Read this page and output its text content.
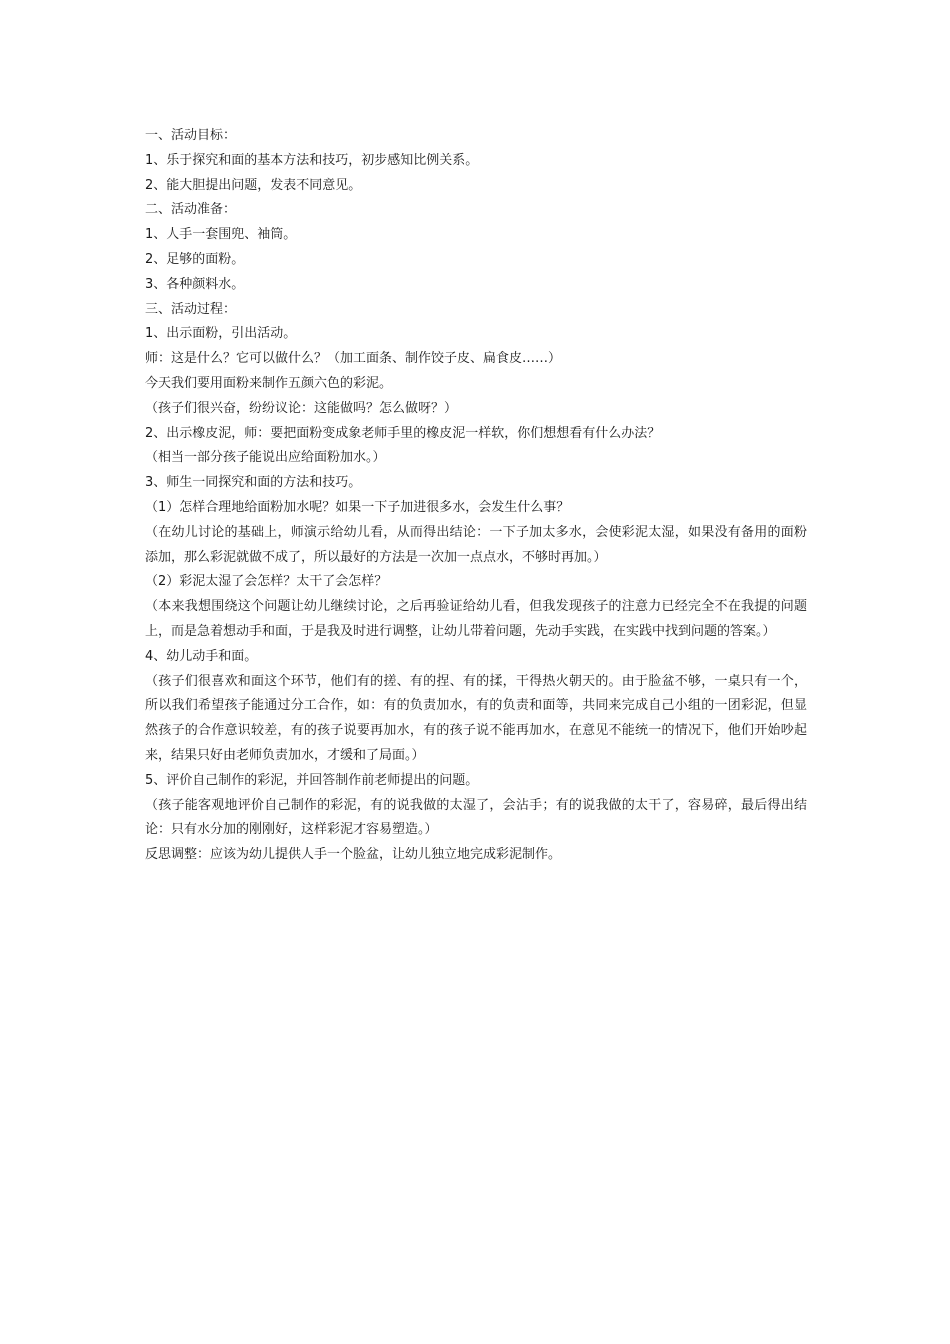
一、活动目标：

1、乐于探究和面的基本方法和技巧，初步感知比例关系。

2、能大胆提出问题，发表不同意见。

二、活动准备：

1、人手一套围兜、袖筒。

2、足够的面粉。

3、各种颜料水。

三、活动过程：

1、出示面粉，引出活动。

师：这是什么？它可以做什么？（加工面条、制作饺子皮、扁食皮……）

今天我们要用面粉来制作五颜六色的彩泥。

（孩子们很兴奋，纷纷议论：这能做吗？怎么做呀？）

2、出示橡皮泥，师：要把面粉变成象老师手里的橡皮泥一样软，你们想想看有什么办法？

（相当一部分孩子能说出应给面粉加水。）

3、师生一同探究和面的方法和技巧。

（1）怎样合理地给面粉加水呢？如果一下子加进很多水，会发生什么事？

（在幼儿讨论的基础上，师演示给幼儿看，从而得出结论：一下子加太多水，会使彩泥太湿，如果没有备用的面粉添加，那么彩泥就做不成了，所以最好的方法是一次加一点点水，不够时再加。）

（2）彩泥太湿了会怎样？太干了会怎样？

（本来我想围绕这个问题让幼儿继续讨论，之后再验证给幼儿看，但我发现孩子的注意力已经完全不在我提的问题上，而是急着想动手和面，于是我及时进行调整，让幼儿带着问题，先动手实践，在实践中找到问题的答案。）

4、幼儿动手和面。

（孩子们很喜欢和面这个环节，他们有的搓、有的捏、有的揉，干得热火朝天的。由于脸盆不够，一桌只有一个，所以我们希望孩子能通过分工合作，如：有的负责加水，有的负责和面等，共同来完成自己小组的一团彩泥，但显然孩子的合作意识较差，有的孩子说要再加水，有的孩子说不能再加水，在意见不能统一的情况下，他们开始吵起来，结果只好由老师负责加水，才缓和了局面。）

5、评价自己制作的彩泥，并回答制作前老师提出的问题。

（孩子能客观地评价自己制作的彩泥，有的说我做的太湿了，会沾手；有的说我做的太干了，容易碎，最后得出结论：只有水分加的刚刚好，这样彩泥才容易塑造。）

反思调整：应该为幼儿提供人手一个脸盆，让幼儿独立地完成彩泥制作。
